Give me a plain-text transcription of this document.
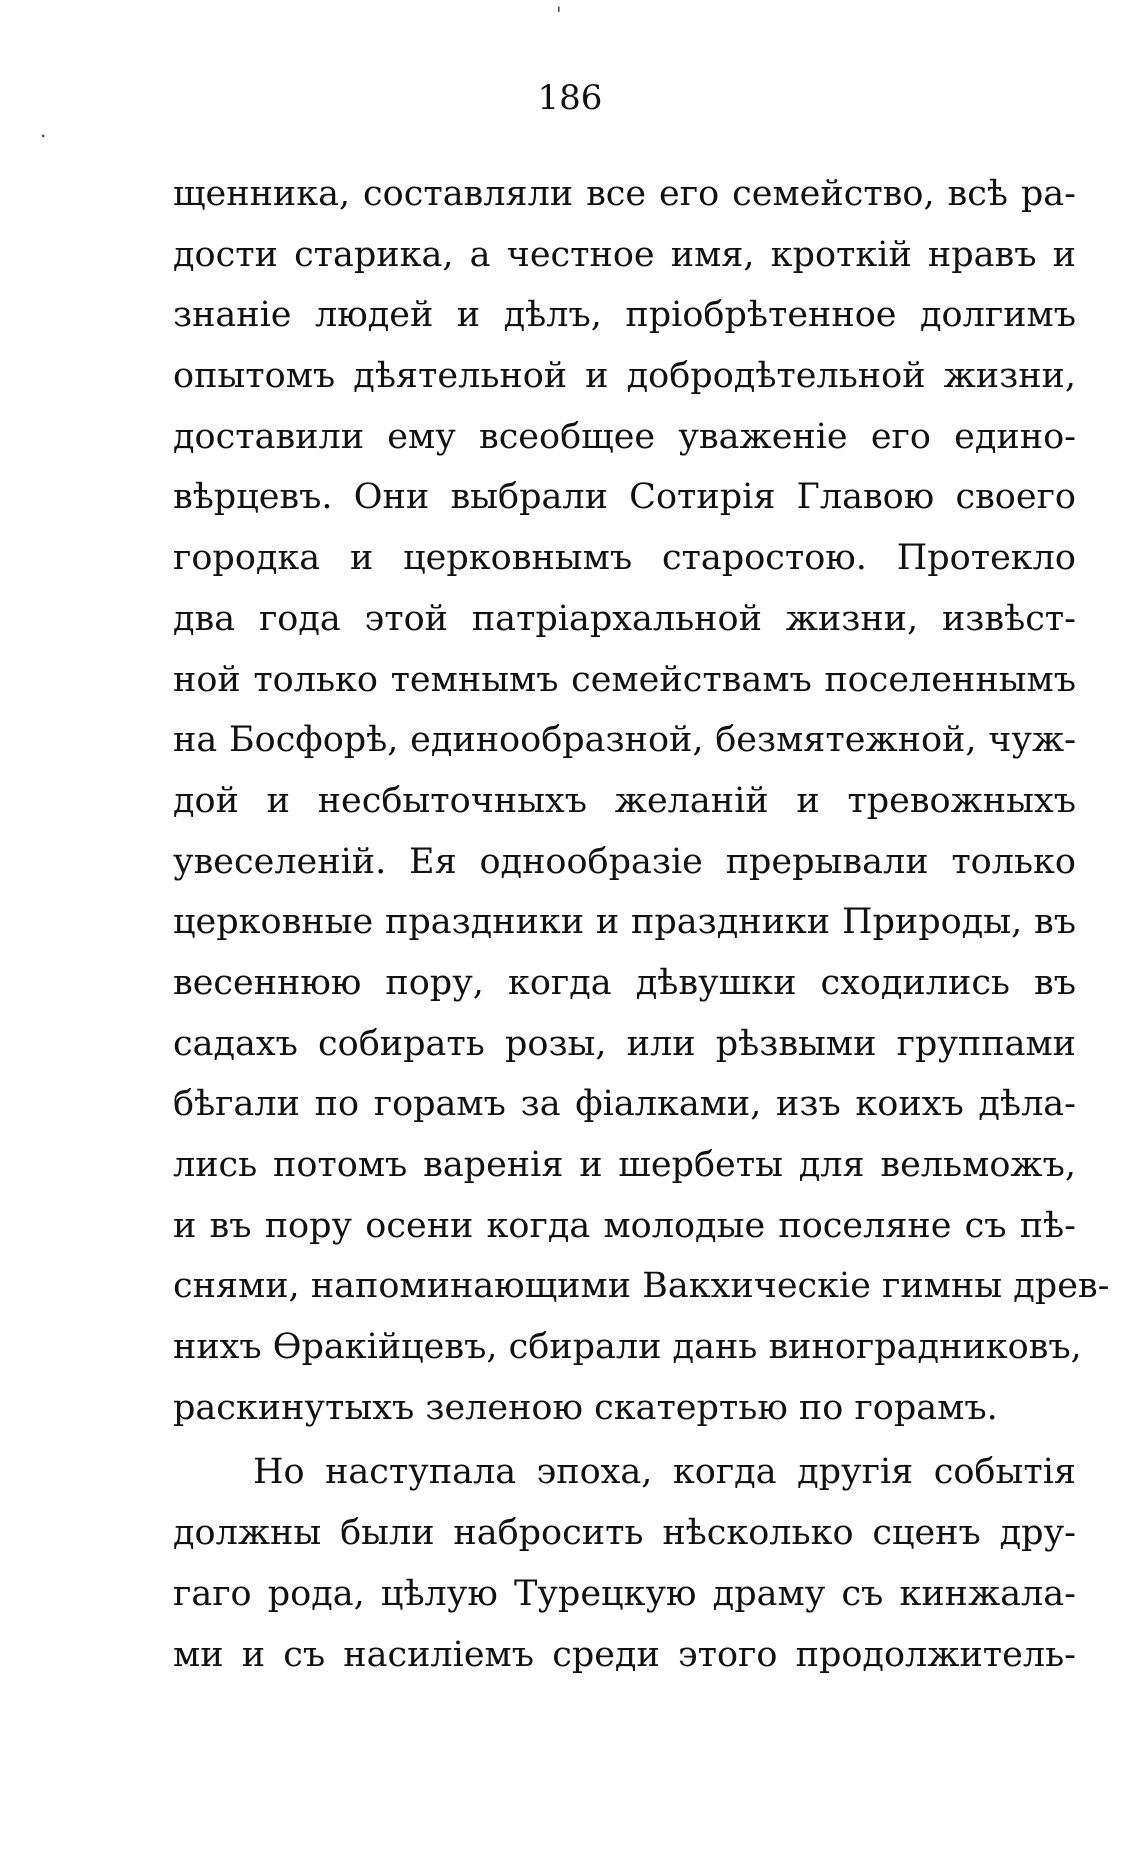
'
.
186
щенника, составляли все его семейство, всѣ ра-
дости старика, а честное имя, кроткій нравъ и
знаніе людей и дѣлъ, пріобрѣтенное долгимъ
опытомъ дѣятельной и добродѣтельной жизни,
доставили ему всеобщее уваженіе его едино-
вѣрцевъ. Они выбрали Сотирія Главою своего
городка и церковнымъ старостою. Протекло
два года этой патріархальной жизни, извѣст-
ной только темнымъ семействамъ поселеннымъ
на Босфорѣ, единообразной, безмятежной, чуж-
дой и несбыточныхъ желаній и тревожныхъ
увеселеній. Ея однообразіе прерывали только
церковные праздники и праздники Природы, въ
весеннюю пору, когда дѣвушки сходились въ
садахъ собирать розы, или рѣзвыми группами
бѣгали по горамъ за фіалками, изъ коихъ дѣла-
лись потомъ варенія и шербеты для вельможъ,
и въ пору осени когда молодые поселяне съ пѣ-
снями, напоминающими Вакхическіе гимны древ-
нихъ Ѳракійцевъ, сбирали дань виноградниковъ,
раскинутыхъ зеленою скатертью по горамъ.
Но наступала эпоха, когда другія событія
должны были набросить нѣсколько сценъ дру-
гаго рода, цѣлую Турецкую драму съ кинжала-
ми и съ насиліемъ среди этого продолжитель-
